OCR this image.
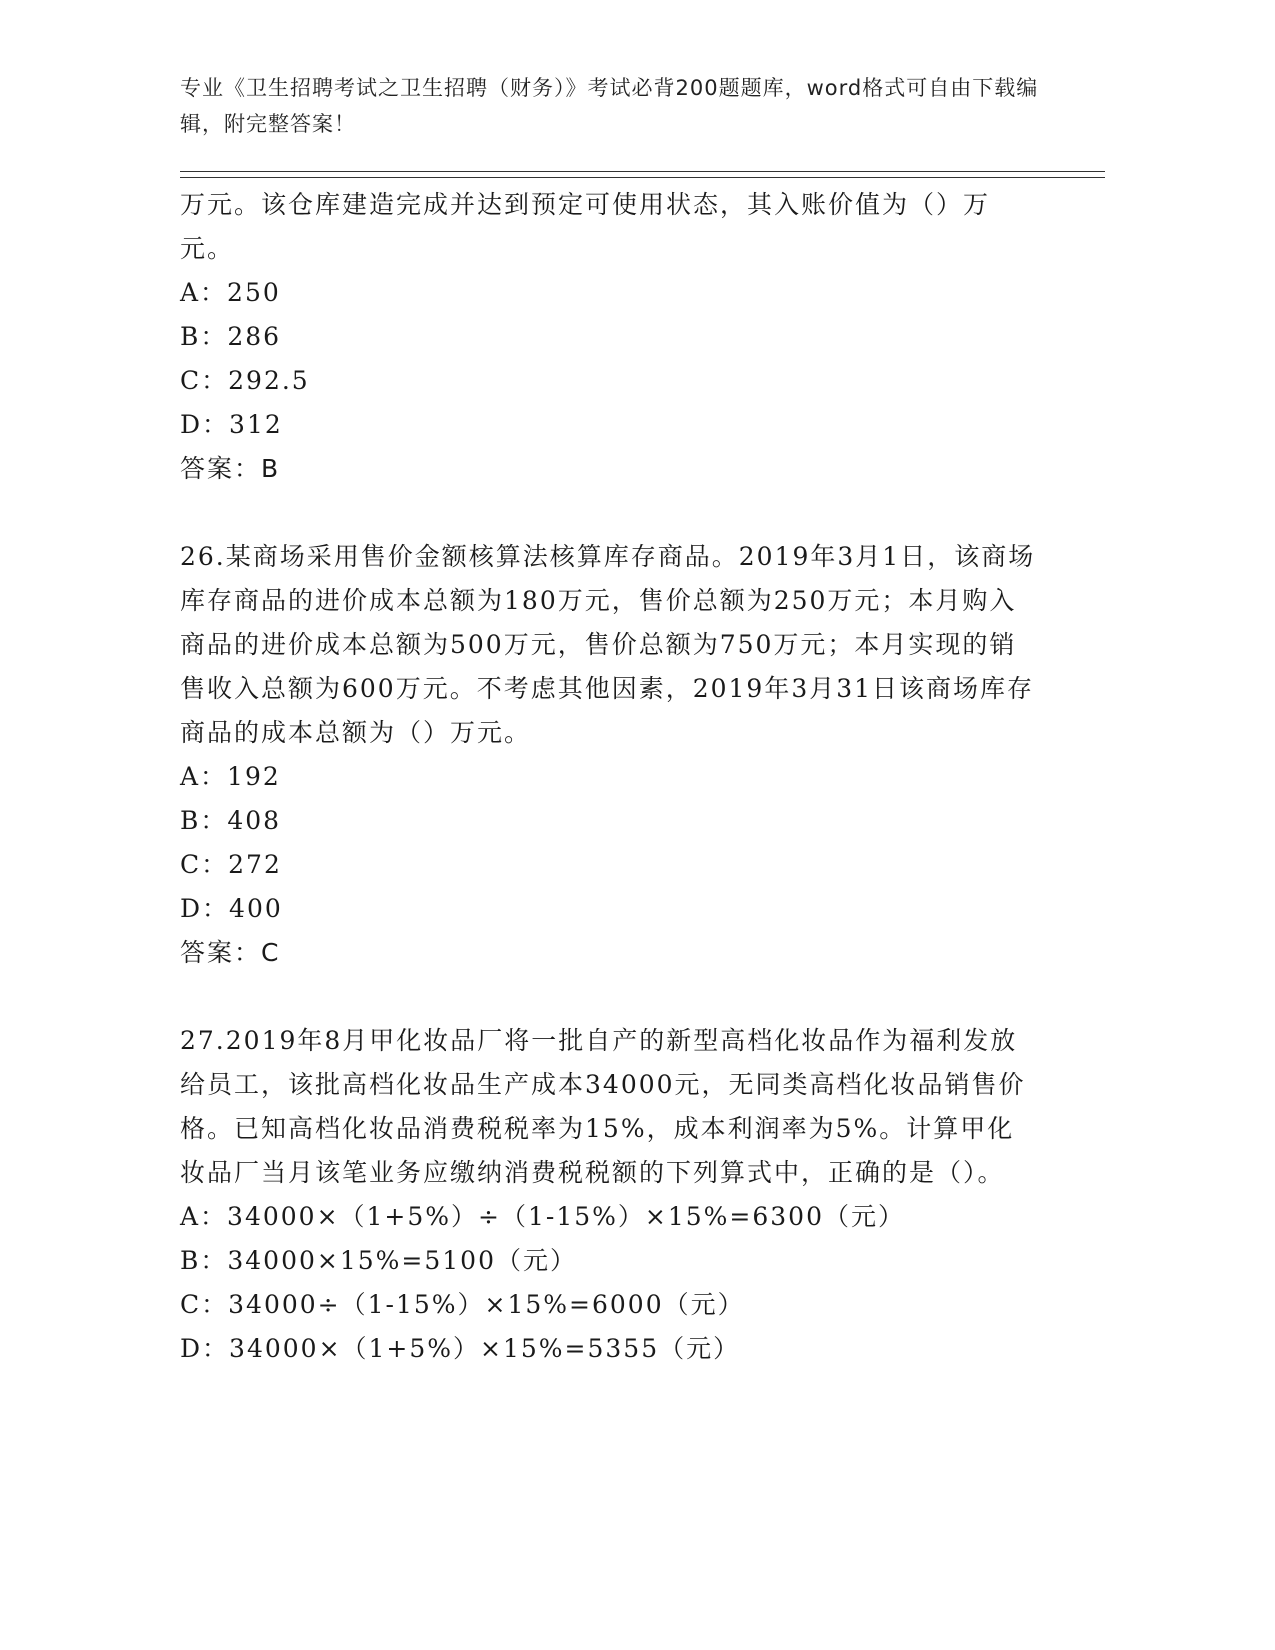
专业《卫生招聘考试之卫生招聘（财务）》考试必背200题题库，word格式可自由下载编辑，附完整答案！

万元。该仓库建造完成并达到预定可使用状态，其入账价值为（）万元。

A：250

B：286

C：292.5

D：312

答案：B

26.某商场采用售价金额核算法核算库存商品。2019年3月1日，该商场库存商品的进价成本总额为180万元，售价总额为250万元；本月购入商品的进价成本总额为500万元，售价总额为750万元；本月实现的销售收入总额为600万元。不考虑其他因素，2019年3月31日该商场库存商品的成本总额为（）万元。

A：192

B：408

C：272

D：400

答案：C

27.2019年8月甲化妆品厂将一批自产的新型高档化妆品作为福利发放给员工，该批高档化妆品生产成本34000元，无同类高档化妆品销售价格。已知高档化妆品消费税税率为15%，成本利润率为5%。计算甲化妆品厂当月该笔业务应缴纳消费税税额的下列算式中，正确的是（）。

A：34000×（1+5%）÷（1-15%）×15%=6300（元）

B：34000×15%=5100（元）

C：34000÷（1-15%）×15%=6000（元）

D：34000×（1+5%）×15%=5355（元）
